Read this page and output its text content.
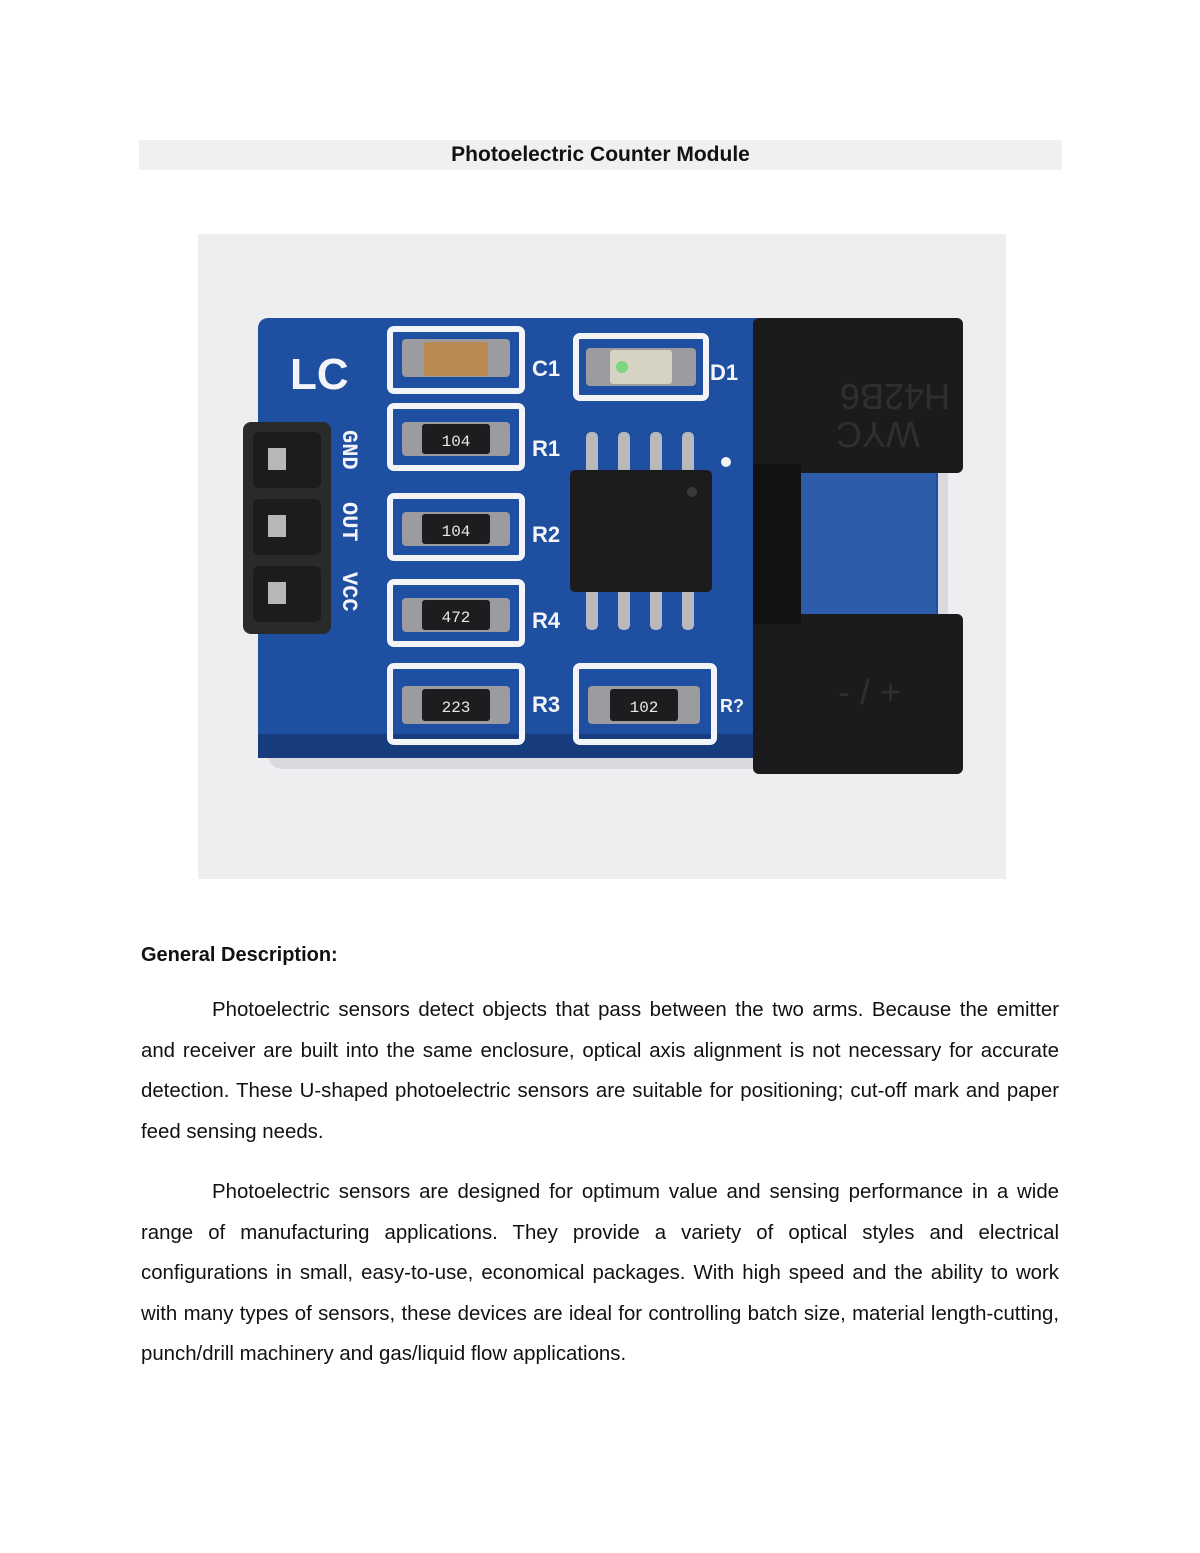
Photoelectric Counter Module
LC
GND
OUT
VCC
C1	D1
104	R1
104	R2
472	R4
223	R3	102	R?
H42B6
WYC
- / +
General Description:

Photoelectric sensors detect objects that pass between the two arms. Because the emitter and receiver are built into the same enclosure, optical axis alignment is not necessary for accurate detection. These U-shaped photoelectric sensors are suitable for positioning; cut-off mark and paper feed sensing needs.

Photoelectric sensors are designed for optimum value and sensing performance in a wide range of manufacturing applications. They provide a variety of optical styles and electrical configurations in small, easy-to-use, economical packages. With high speed and the ability to work with many types of sensors, these devices are ideal for controlling batch size, material length-cutting, punch/drill machinery and gas/liquid flow applications.
